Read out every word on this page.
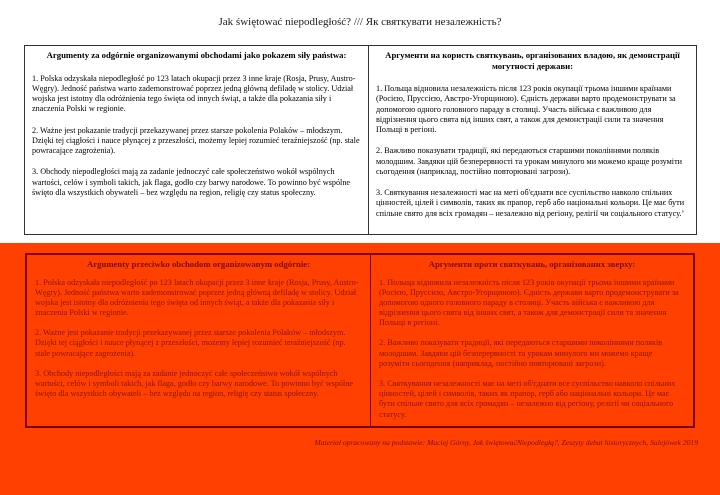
Jak świętować niepodległość? /// Як святкувати незалежність?
Argumenty za odgórnie organizowanymi obchodami jako pokazem siły państwa:

1. Polska odzyskała niepodległość po 123 latach okupacji przez 3 inne kraje (Rosja, Prusy, Austro-Węgry). Jedność państwa warto zademonstrować poprzez jedną główną defiladę w stolicy. Udział wojska jest istotny dla odróżnienia tego święta od innych świąt, a także dla pokazania siły i znaczenia Polski w regionie.

2. Ważne jest pokazanie tradycji przekazywanej przez starsze pokolenia Polaków – młodszym. Dzięki tej ciągłości i nauce płynącej z przeszłości, możemy lepiej rozumieć teraźniejszość (np. stale powracające zagrożenia).

3. Obchody niepodległości mają za zadanie jednoczyć całe społeczeństwo wokół wspólnych wartości, celów i symboli takich, jak flaga, godło czy barwy narodowe. To powinno być wspólne święto dla wszystkich obywateli – bez względu na region, religię czy status społeczny.

Аргументи на користь святкувань, організованих владою, як демонстрації могутності держави:

1. Польща відновила незалежність після 123 років окупації трьома іншими країнами (Росією, Пруссією, Австро-Угорщиною). Єдність держави варто продемонструвати за допомогою одного головного параду в столиці. Участь війська є важливою для відрізнення цього свята від інших свят, а також для демонстрації сили та значення Польщі в регіоні.

2. Важливо показувати традиції, які передаються старшими поколіннями поляків молодшим. Завдяки цій безперервності та урокам минулого ми можемо краще розуміти сьогодення (наприклад, постійно повторювані загрози).

3. Святкування незалежності має на меті об'єднати все суспільство навколо спільних цінностей, цілей і символів, таких як прапор, герб або національні кольори. Це має бути спільне свято для всіх громадян – незалежно від регіону, релігії чи соціального статусу.’

Argumenty przeciwko obchodom organizowanym odgórnie:

1. Polska odzyskała niepodległość po 123 latach okupacji przez 3 inne kraje (Rosja, Prusy, Austro-Węgry). Jedność państwa warto zademonstrować poprzez jedną główną defiladę w stolicy. Udział wojska jest istotny dla odróżnienia tego święta od innych świąt, a także dla pokazania siły i znaczenia Polski w regionie.

2. Ważne jest pokazanie tradycji przekazywanej przez starsze pokolenia Polaków – młodszym. Dzięki tej ciągłości i nauce płynącej z przeszłości, możemy lepiej rozumieć teraźniejszość (np. stale powracające zagrożenia).

3. Obchody niepodległości mają za zadanie jednoczyć całe społeczeństwo wokół wspólnych wartości, celów i symboli takich, jak flaga, godło czy barwy narodowe. To powinno być wspólne święto dla wszystkich obywateli – bez względu na region, religię czy status społeczny.

Аргументи проти святкувань, організованих зверху:

1. Польща відновила незалежність після 123 років окупації трьома іншими країнами (Росією, Пруссією, Австро-Угорщиною). Єдність держави варто продемонструвати за допомогою одного головного параду в столиці. Участь війська є важливою для відрізнення цього свята від інших свят, а також для демонстрації сили та значення Польщі в регіоні.

2. Важливо показувати традиції, які передаються старшими поколіннями поляків молодшим. Завдяки цій безперервності та урокам минулого ми можемо краще розуміти сьогодення (наприклад, постійно повторювані загрози).

3. Святкування незалежності має на меті об'єднати все суспільство навколо спільних цінностей, цілей і символів, таких як прапор, герб або національні кольори. Це має бути спільне свято для всіх громадян – незалежно від регіону, релігії чи соціального статусу.

Materiał opracowany na podstawie: Maciej Górny, Jak świętowaćNiepodległą?, Zeszyty debat historycznych, Sulejówek 2019
